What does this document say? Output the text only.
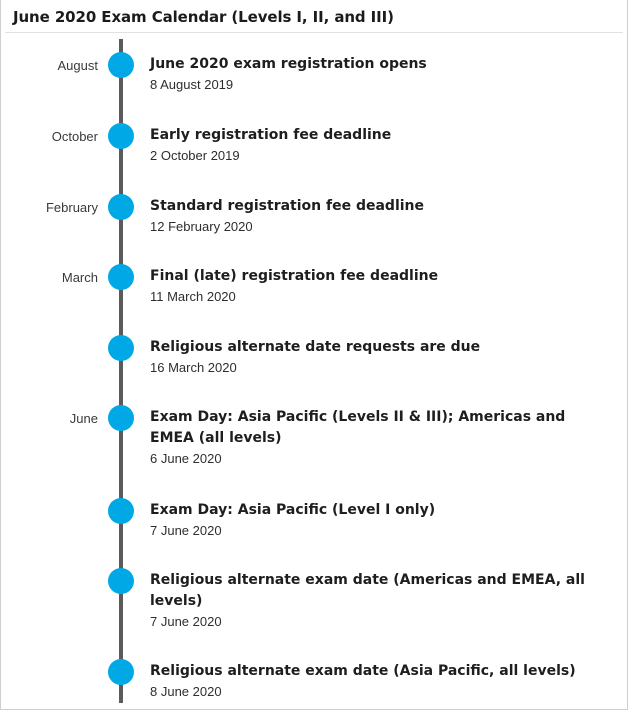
June 2020 Exam Calendar (Levels I, II, and III)
August	June 2020 exam registration opens
8 August 2019
October	Early registration fee deadline
2 October 2019
February	Standard registration fee deadline
12 February 2020
March	Final (late) registration fee deadline
11 March 2020
Religious alternate date requests are due
16 March 2020
June	Exam Day: Asia Pacific (Levels II & III); Americas and EMEA (all levels)
6 June 2020
Exam Day: Asia Pacific (Level I only)
7 June 2020
Religious alternate exam date (Americas and EMEA, all levels)
7 June 2020
Religious alternate exam date (Asia Pacific, all levels)
8 June 2020
